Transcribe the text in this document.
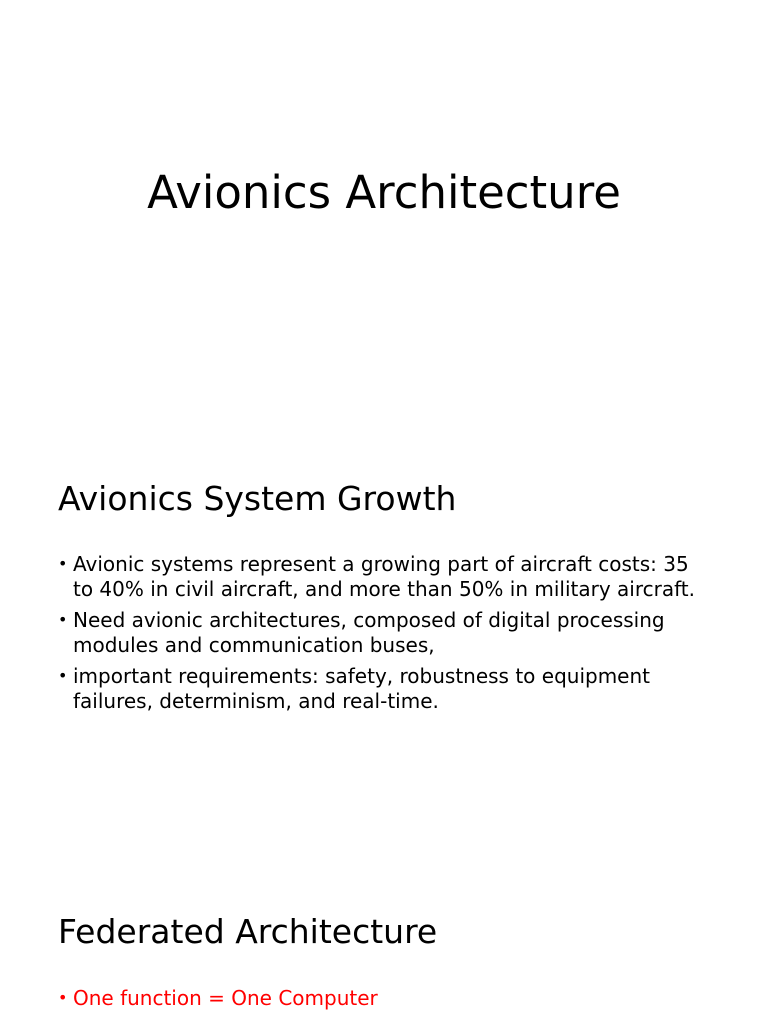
Avionics Architecture
Avionics System Growth
• Avionic systems represent a growing part of aircraft costs: 35 to 40% in civil aircraft, and more than 50% in military aircraft.
• Need avionic architectures, composed of digital processing modules and communication buses,
• important requirements: safety, robustness to equipment failures, determinism, and real-time.
Federated Architecture
• One function = One Computer
